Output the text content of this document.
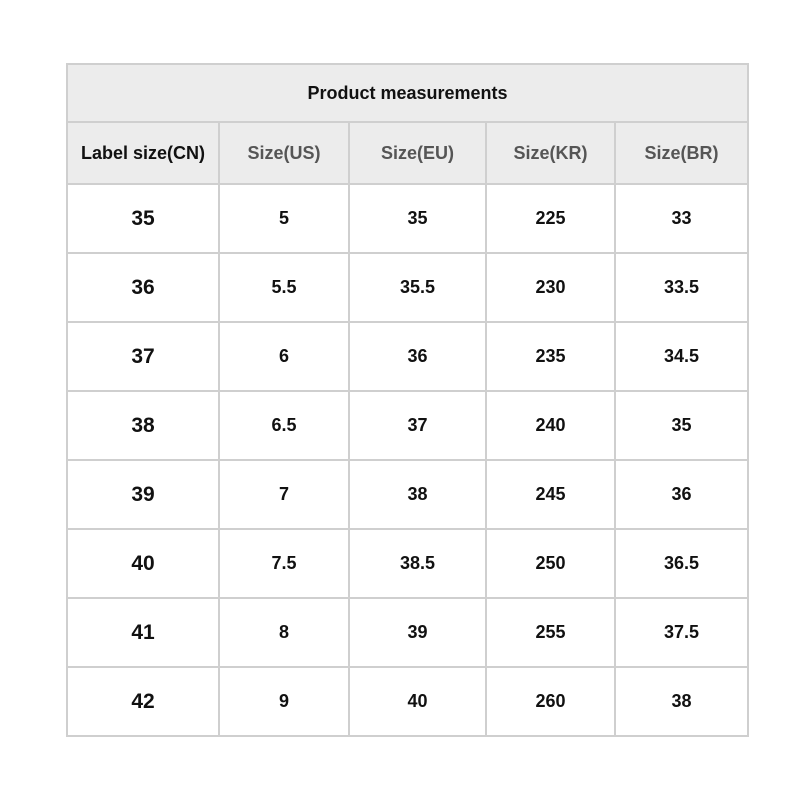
Product measurements				
Label size(CN)	Size(US)	Size(EU)	Size(KR)	Size(BR)
35	5	35	225	33
36	5.5	35.5	230	33.5
37	6	36	235	34.5
38	6.5	37	240	35
39	7	38	245	36
40	7.5	38.5	250	36.5
41	8	39	255	37.5
42	9	40	260	38
